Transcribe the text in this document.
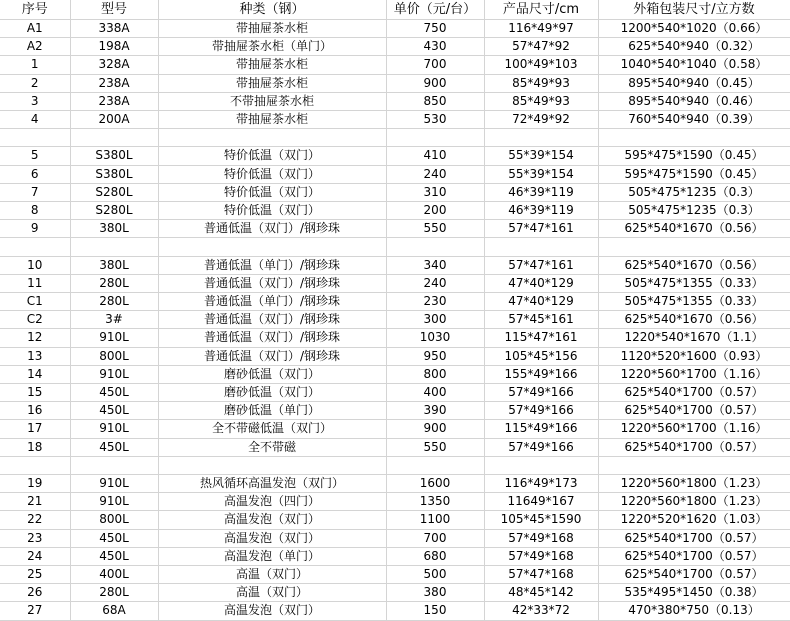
序号	型号	种类（钢）	单价（元/台）	产品尺寸/cm	外箱包装尺寸/立方数
A1	338A	带抽屉茶水柜	750	116*49*97	1200*540*1020（0.66）
A2	198A	带抽屉茶水柜（单门）	430	57*47*92	625*540*940（0.32）
1	328A	带抽屉茶水柜	700	100*49*103	1040*540*1040（0.58）
2	238A	带抽屉茶水柜	900	85*49*93	895*540*940（0.45）
3	238A	不带抽屉茶水柜	850	85*49*93	895*540*940（0.46）
4	200A	带抽屉茶水柜	530	72*49*92	760*540*940（0.39）

5	S380L	特价低温（双门）	410	55*39*154	595*475*1590（0.45）
6	S380L	特价低温（双门）	240	55*39*154	595*475*1590（0.45）
7	S280L	特价低温（双门）	310	46*39*119	505*475*1235（0.3）
8	S280L	特价低温（双门）	200	46*39*119	505*475*1235（0.3）
9	380L	普通低温（双门）/钢珍珠	550	57*47*161	625*540*1670（0.56）

10	380L	普通低温（单门）/钢珍珠	340	57*47*161	625*540*1670（0.56）
11	280L	普通低温（双门）/钢珍珠	240	47*40*129	505*475*1355（0.33）
C1	280L	普通低温（单门）/钢珍珠	230	47*40*129	505*475*1355（0.33）
C2	3#	普通低温（双门）/钢珍珠	300	57*45*161	625*540*1670（0.56）
12	910L	普通低温（双门）/钢珍珠	1030	115*47*161	1220*540*1670（1.1）
13	800L	普通低温（双门）/钢珍珠	950	105*45*156	1120*520*1600（0.93）
14	910L	磨砂低温（双门）	800	155*49*166	1220*560*1700（1.16）
15	450L	磨砂低温（双门）	400	57*49*166	625*540*1700（0.57）
16	450L	磨砂低温（单门）	390	57*49*166	625*540*1700（0.57）
17	910L	全不带磁低温（双门）	900	115*49*166	1220*560*1700（1.16）
18	450L	全不带磁	550	57*49*166	625*540*1700（0.57）

19	910L	热风循环高温发泡（双门）	1600	116*49*173	1220*560*1800（1.23）
21	910L	高温发泡（四门）	1350	11649*167	1220*560*1800（1.23）
22	800L	高温发泡（双门）	1100	105*45*1590	1220*520*1620（1.03）
23	450L	高温发泡（双门）	700	57*49*168	625*540*1700（0.57）
24	450L	高温发泡（单门）	680	57*49*168	625*540*1700（0.57）
25	400L	高温（双门）	500	57*47*168	625*540*1700（0.57）
26	280L	高温（双门）	380	48*45*142	535*495*1450（0.38）
27	68A	高温发泡（双门）	150	42*33*72	470*380*750（0.13）
